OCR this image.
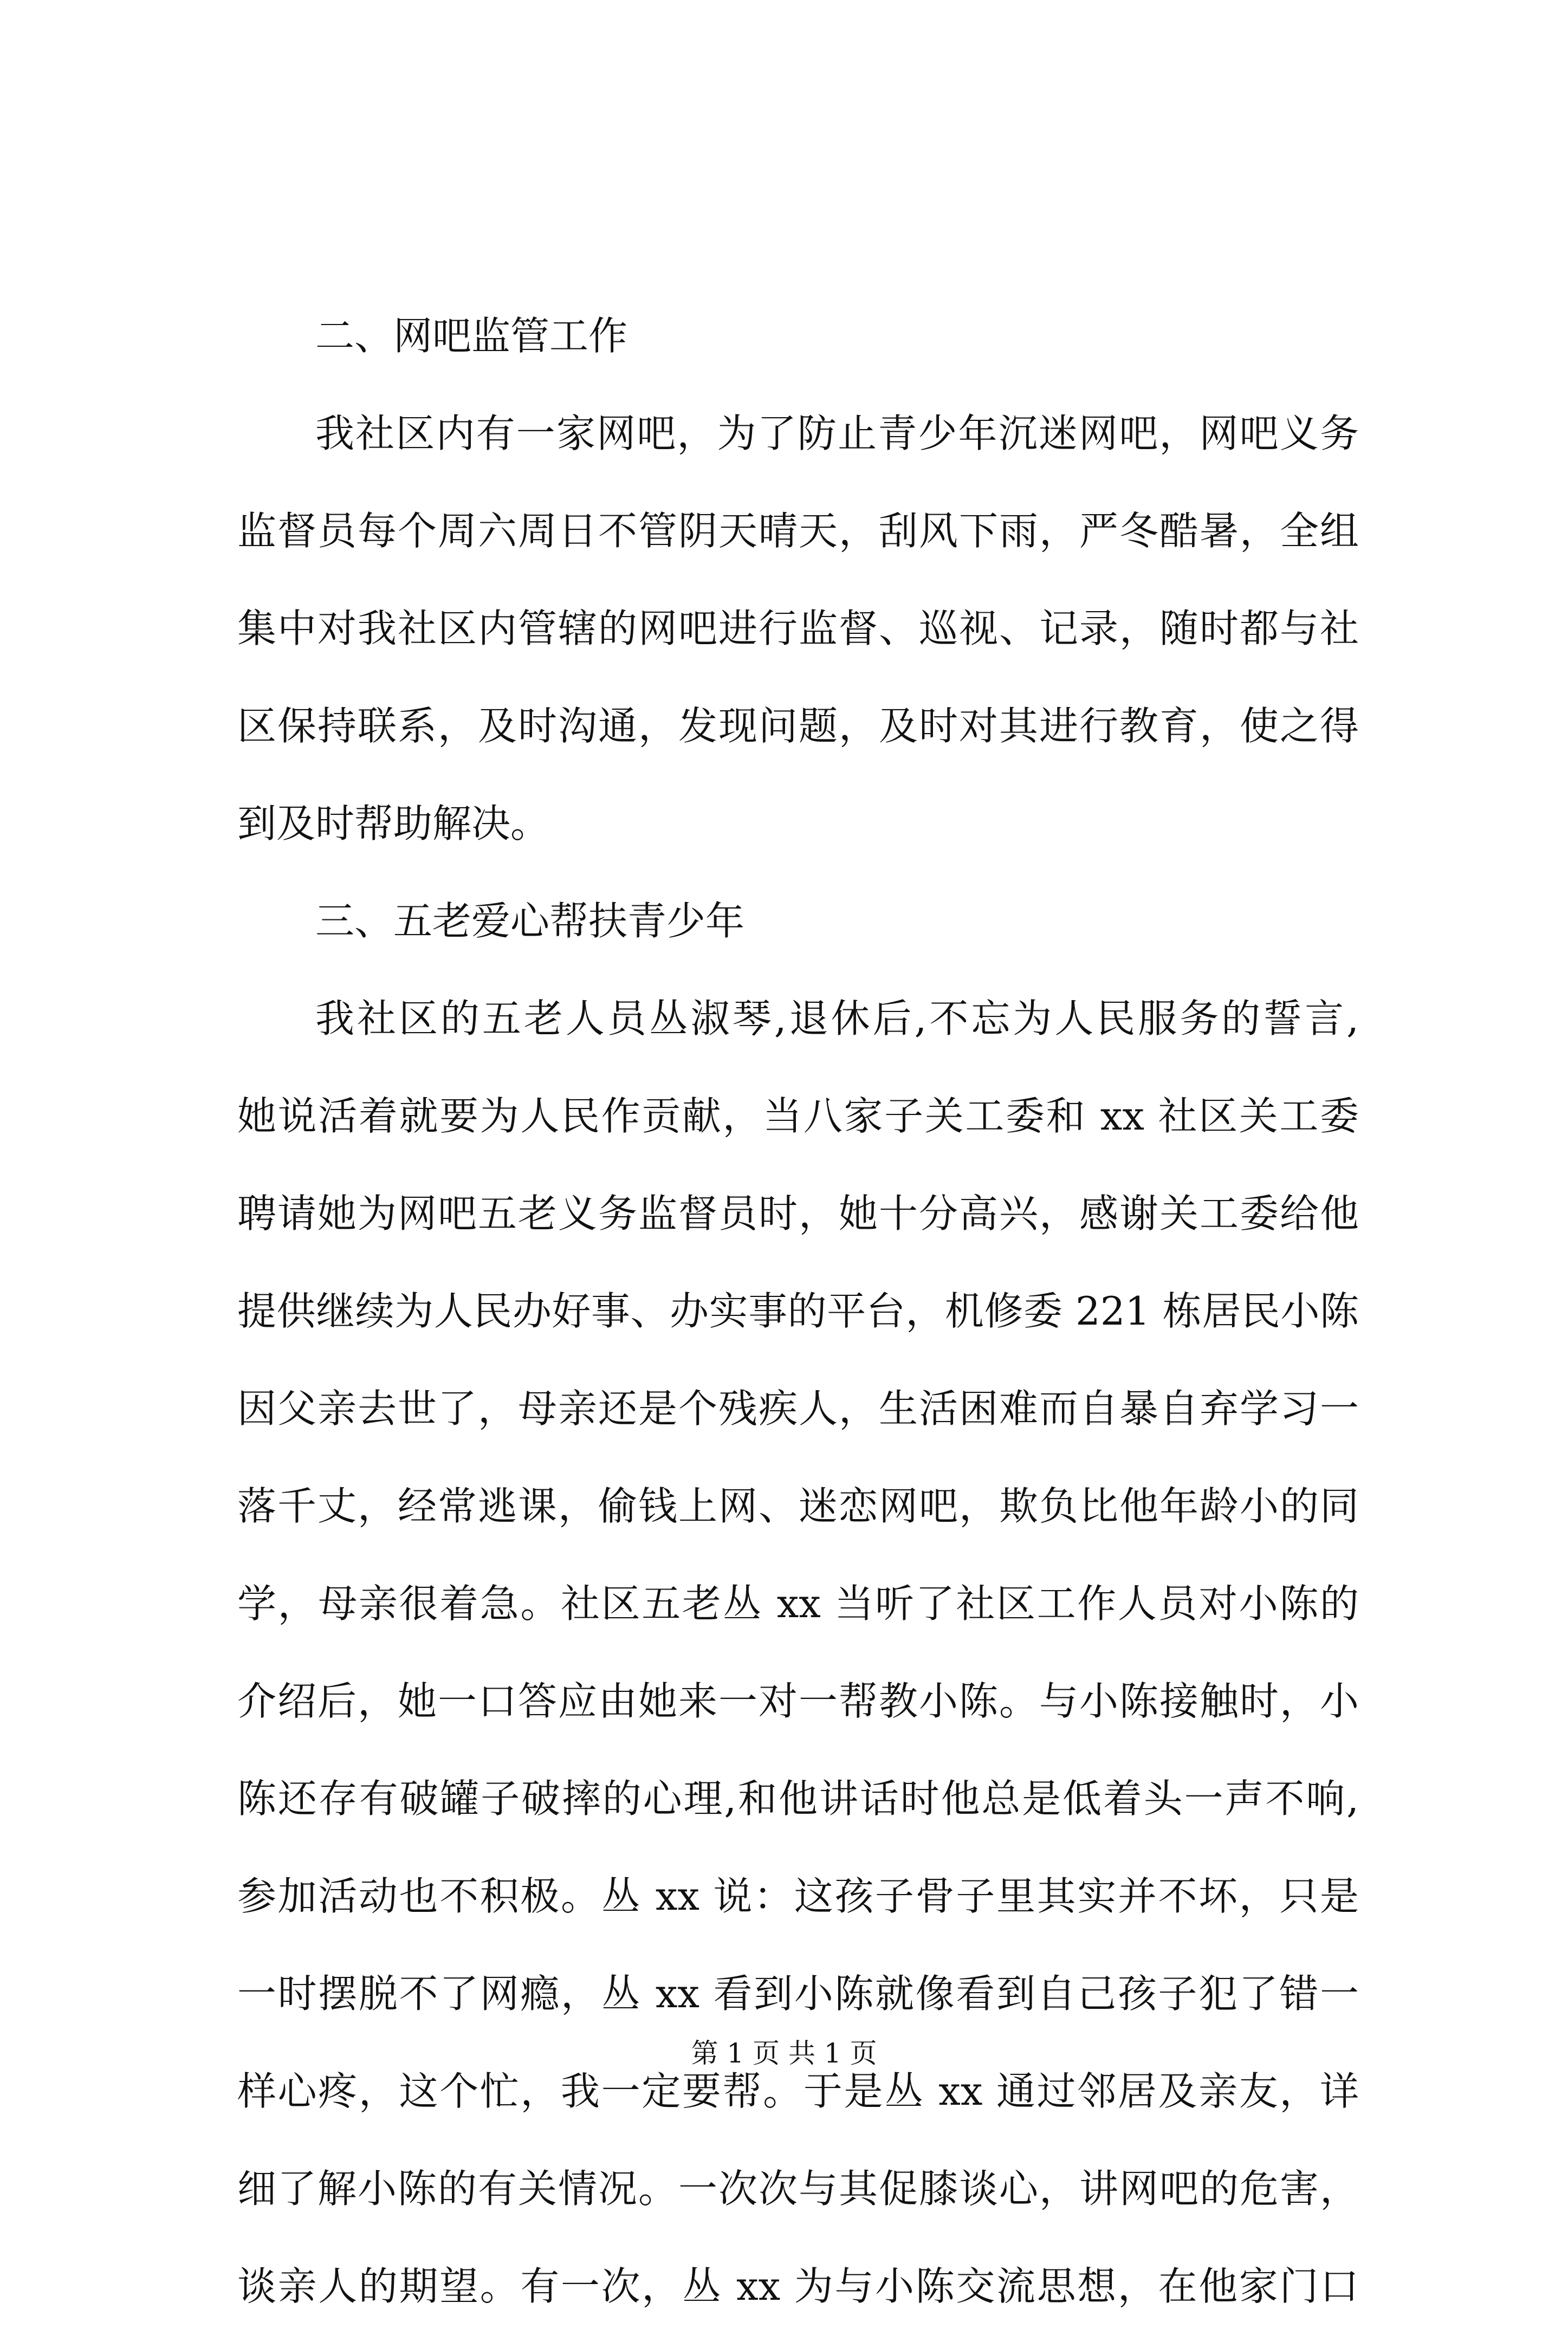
二、网吧监管工作
我社区内有一家网吧，为了防止青少年沉迷网吧，网吧义务
监督员每个周六周日不管阴天晴天，刮风下雨，严冬酷暑，全组
集中对我社区内管辖的网吧进行监督、巡视、记录，随时都与社
区保持联系，及时沟通，发现问题，及时对其进行教育，使之得
到及时帮助解决。
三、五老爱心帮扶青少年
我社区的五老人员丛淑琴,退休后,不忘为人民服务的誓言,
她说活着就要为人民作贡献，当八家子关工委和 xx 社区关工委
聘请她为网吧五老义务监督员时，她十分高兴，感谢关工委给他
提供继续为人民办好事、办实事的平台，机修委 221 栋居民小陈
因父亲去世了，母亲还是个残疾人，生活困难而自暴自弃学习一
落千丈，经常逃课，偷钱上网、迷恋网吧，欺负比他年龄小的同
学，母亲很着急。社区五老丛 xx 当听了社区工作人员对小陈的
介绍后，她一口答应由她来一对一帮教小陈。与小陈接触时，小
陈还存有破罐子破摔的心理,和他讲话时他总是低着头一声不响,
参加活动也不积极。丛 xx 说：这孩子骨子里其实并不坏，只是
一时摆脱不了网瘾，丛 xx 看到小陈就像看到自己孩子犯了错一
样心疼，这个忙，我一定要帮。于是丛 xx 通过邻居及亲友，详
细了解小陈的有关情况。一次次与其促膝谈心，讲网吧的危害，
谈亲人的期望。有一次，丛 xx 为与小陈交流思想，在他家门口
第 1 页 共 1 页
